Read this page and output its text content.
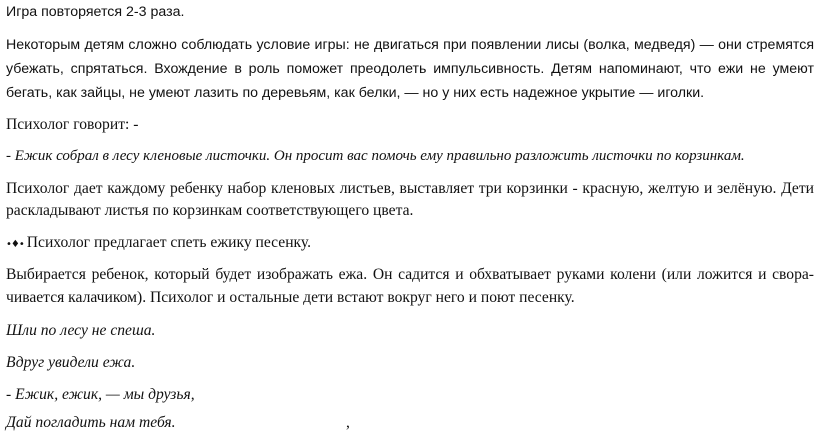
Игра повторяется 2-3 раза.

Некоторым детям сложно соблюдать условие игры: не двигаться при появлении лисы (волка, медведя) — они стремятся

убежать, спрятаться. Вхождение в роль поможет преодолеть импульсивность. Детям напоминают, что ежи не умеют

бегать, как зайцы, не умеют лазить по деревьям, как белки, — но у них есть надежное укрытие — иголки.

Психолог говорит: -

- Ежик собрал в лесу кленовые листочки. Он просит вас помочь ему правильно разложить листочки по корзинкам.

Психолог дает каждому ребенку набор кленовых листьев, выставляет три корзинки - красную, желтую и зелёную. Дети

раскладывают листья по корзинкам соответствующего цвета.

•♦• Психолог предлагает спеть ежику песенку.

Выбирается ребенок, который будет изображать ежа. Он садится и обхватывает руками колени (или ложится и свора-

чивается калачиком). Психолог и остальные дети встают вокруг него и поют песенку.

Шли по лесу не спеша.

Вдруг увидели ежа.

- Ежик, ежик, — мы друзья,

Дай погладить нам тебя.	,
